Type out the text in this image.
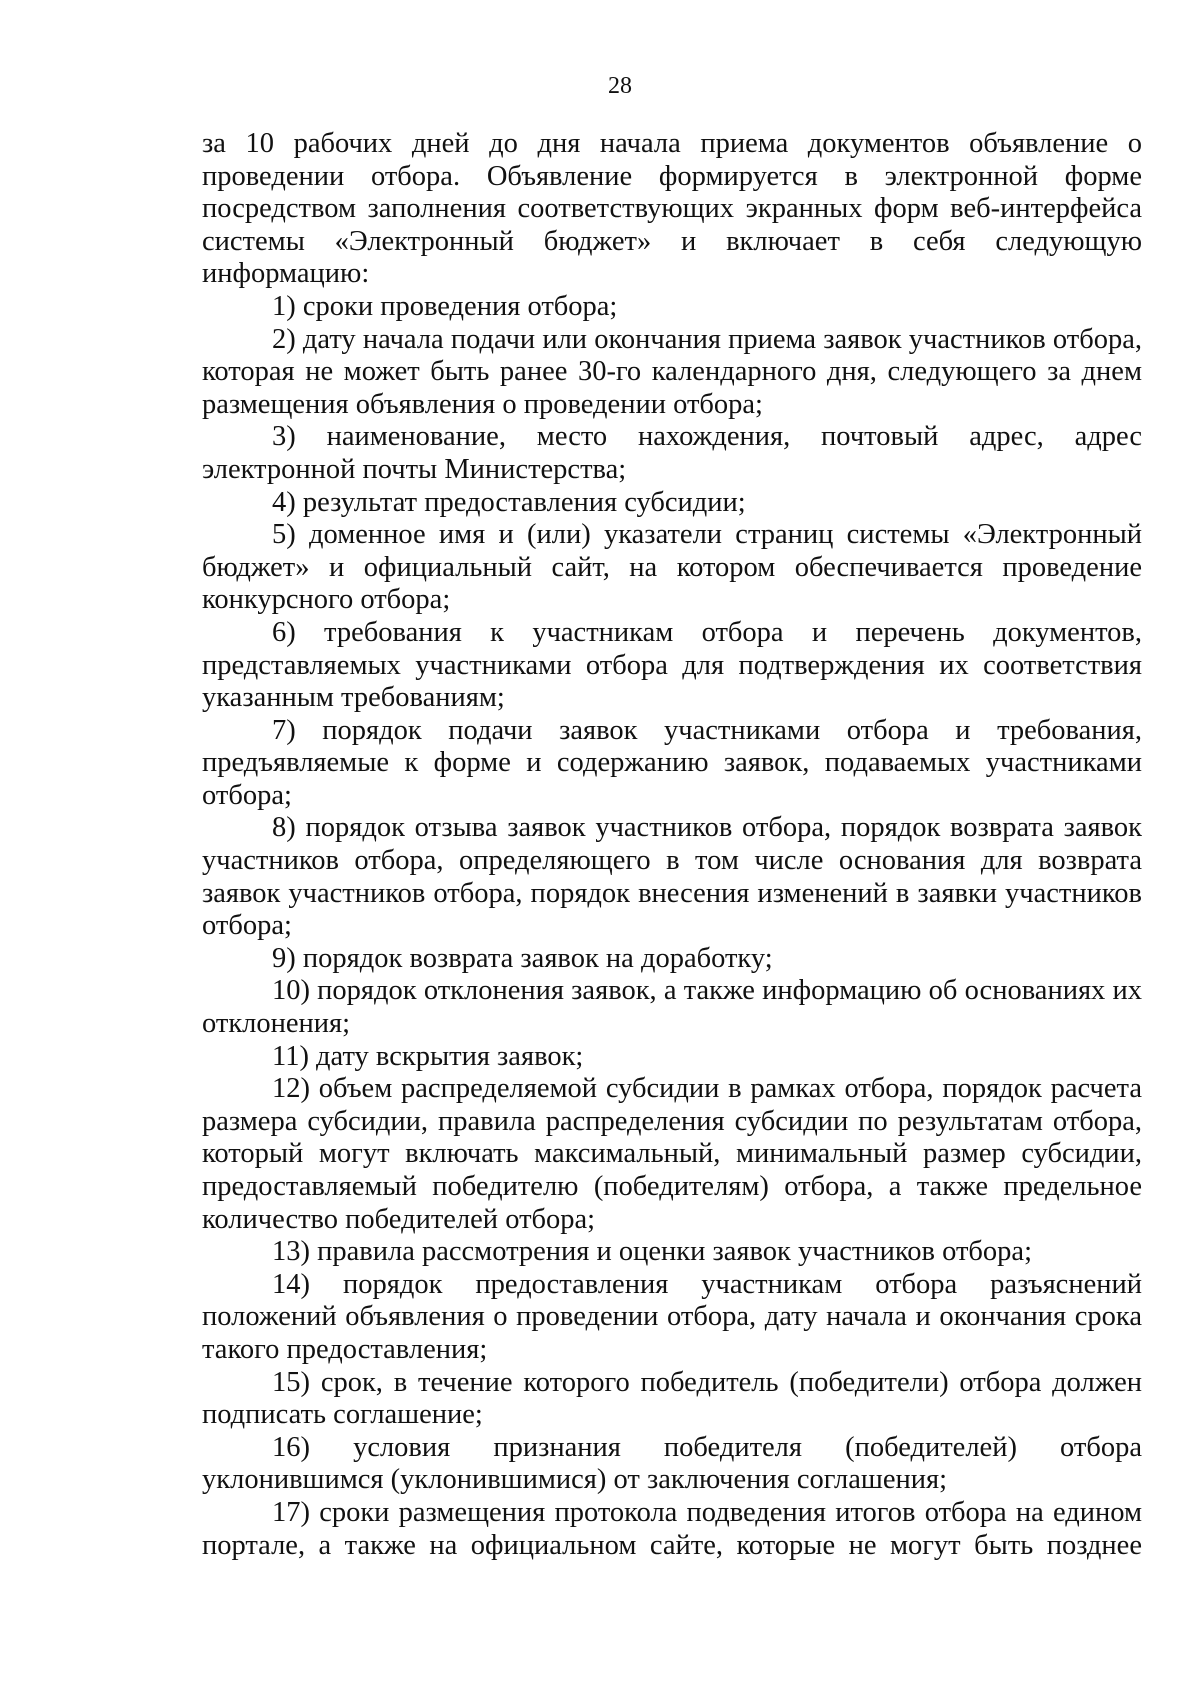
28

за 10 рабочих дней до дня начала приема документов объявление о проведении отбора. Объявление формируется в электронной форме посредством заполнения соответствующих экранных форм веб-интерфейса системы «Электронный бюджет» и включает в себя следующую информацию:

1) сроки проведения отбора;

2) дату начала подачи или окончания приема заявок участников отбора, которая не может быть ранее 30-го календарного дня, следующего за днем размещения объявления о проведении отбора;

3) наименование, место нахождения, почтовый адрес, адрес электронной почты Министерства;

4) результат предоставления субсидии;

5) доменное имя и (или) указатели страниц системы «Электронный бюджет» и официальный сайт, на котором обеспечивается проведение конкурсного отбора;

6) требования к участникам отбора и перечень документов, представляемых участниками отбора для подтверждения их соответствия указанным требованиям;

7) порядок подачи заявок участниками отбора и требования, предъявляемые к форме и содержанию заявок, подаваемых участниками отбора;

8) порядок отзыва заявок участников отбора, порядок возврата заявок участников отбора, определяющего в том числе основания для возврата заявок участников отбора, порядок внесения изменений в заявки участников отбора;

9) порядок возврата заявок на доработку;

10) порядок отклонения заявок, а также информацию об основаниях их отклонения;

11) дату вскрытия заявок;

12) объем распределяемой субсидии в рамках отбора, порядок расчета размера субсидии, правила распределения субсидии по результатам отбора, который могут включать максимальный, минимальный размер субсидии, предоставляемый победителю (победителям) отбора, а также предельное количество победителей отбора;

13) правила рассмотрения и оценки заявок участников отбора;

14) порядок предоставления участникам отбора разъяснений положений объявления о проведении отбора, дату начала и окончания срока такого предоставления;

15) срок, в течение которого победитель (победители) отбора должен подписать соглашение;

16) условия признания победителя (победителей) отбора уклонившимся (уклонившимися) от заключения соглашения;

17) сроки размещения протокола подведения итогов отбора на едином портале, а также на официальном сайте, которые не могут быть позднее
